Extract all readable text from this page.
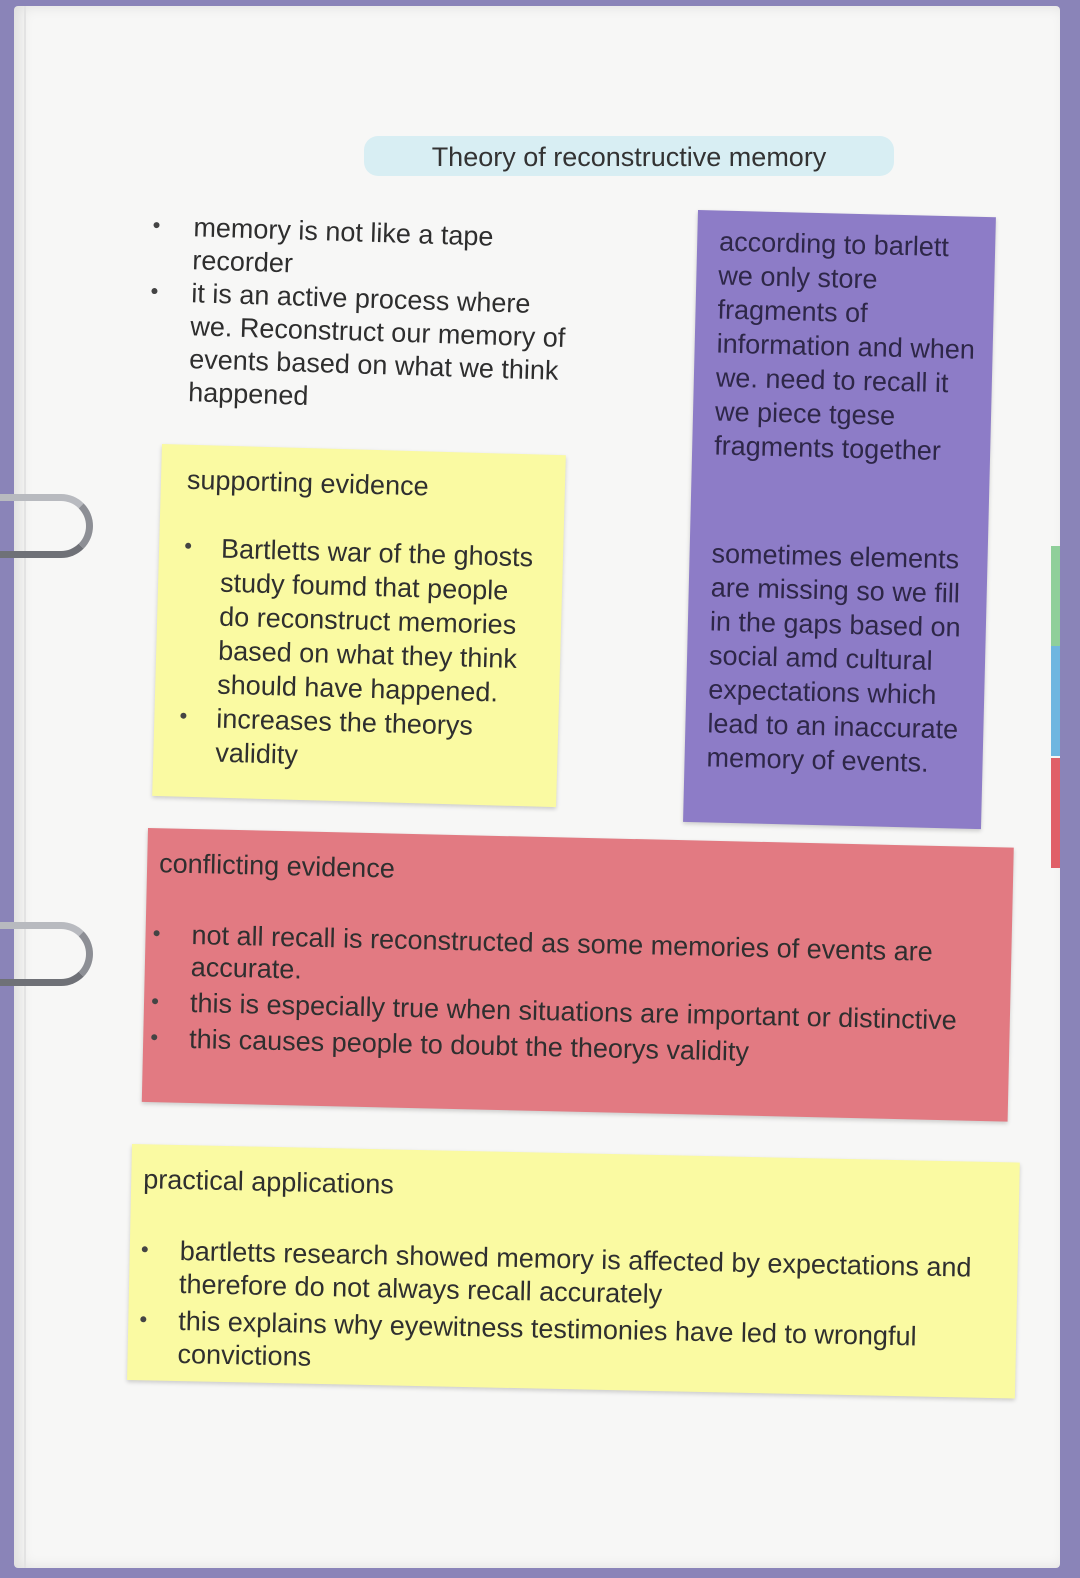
Theory of reconstructive memory
memory is not like a tape recorder
it is an active process where we. Reconstruct our memory of events based on what we think happened
supporting evidence
Bartletts war of the ghosts study foumd that people do reconstruct memories based on what they think should have happened.
increases the theorys validity
according to barlett we only store fragments of information and when we. need to recall it we piece tgese fragments together
sometimes elements are missing so we fill in the gaps based on social amd cultural expectations which lead to an inaccurate memory of events.
conflicting evidence
not all recall is reconstructed as some memories of events are accurate.
this is especially true when situations are important or distinctive
this causes people to doubt the theorys validity
practical applications
bartletts research showed memory is affected by expectations and therefore do not always recall accurately
this explains why eyewitness testimonies have led to wrongful convictions
